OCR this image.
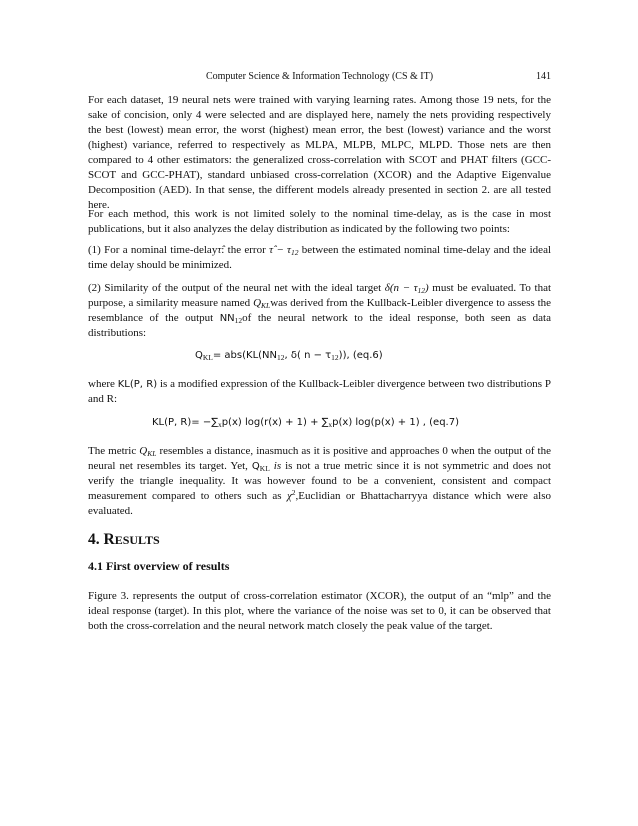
Computer Science & Information Technology (CS & IT)	141

For each dataset, 19 neural nets were trained with varying learning rates. Among those 19 nets, for the sake of concision, only 4 were selected and are displayed here, namely the nets providing respectively the best (lowest) mean error, the worst (highest) mean error, the best (lowest) variance and the worst (highest) variance, referred to respectively as MLPA, MLPB, MLPC, MLPD. Those nets are then compared to 4 other estimators: the generalized cross-correlation with SCOT and PHAT filters (GCC-SCOT and GCC-PHAT), standard unbiased cross-correlation (XCOR) and the Adaptive Eigenvalue Decomposition (AED). In that sense, the different models already presented in section 2. are all tested here.

For each method, this work is not limited solely to the nominal time-delay, as is the case in most publications, but it also analyzes the delay distribution as indicated by the following two points:

(1) For a nominal time-delayτ̂: the error τ̂ − $\tau_{12}$ between the estimated nominal time-delay and the ideal time delay should be minimized.

(2) Similarity of the output of the neural net with the ideal target $\delta(n - \tau_{12})$ must be evaluated. To that purpose, a similarity measure named $Q_{KL}was$ derived from the Kullback-Leibler divergence to assess the resemblance of the output $NN_{12}of$ the neural network to the ideal response, both seen as data distributions:

$Q_{KL}= abs(KL(NN_{12}$, δ( $n - \tau_{12}$)), (eq.6)

where KL(P, R) is a modified expression of the Kullback-Leibler divergence between two distributions P and R:

KL(P, $R)= -\sum_xp(x) \log(r(x) + 1) + \sum_xp(x) \log(p(x) + 1)$ , (eq.7)

The metric $Q_{KL}$ resembles a distance, inasmuch as it is positive and approaches 0 when the output of the neural net resembles its target. Yet, $Q_{KL}$ is is not a true metric since it is not symmetric and does not verify the triangle inequality. It was however found to be a convenient, consistent and compact measurement compared to others such as $\chi^2,Euclidian$ or Bhattacharryya distance which were also evaluated.

4. RESULTS
4.1 First overview of results

Figure 3. represents the output of cross-correlation estimator (XCOR), the output of an “mlp” and the ideal response (target). In this plot, where the variance of the noise was set to 0, it can be observed that both the cross-correlation and the neural network match closely the peak value of the target.
